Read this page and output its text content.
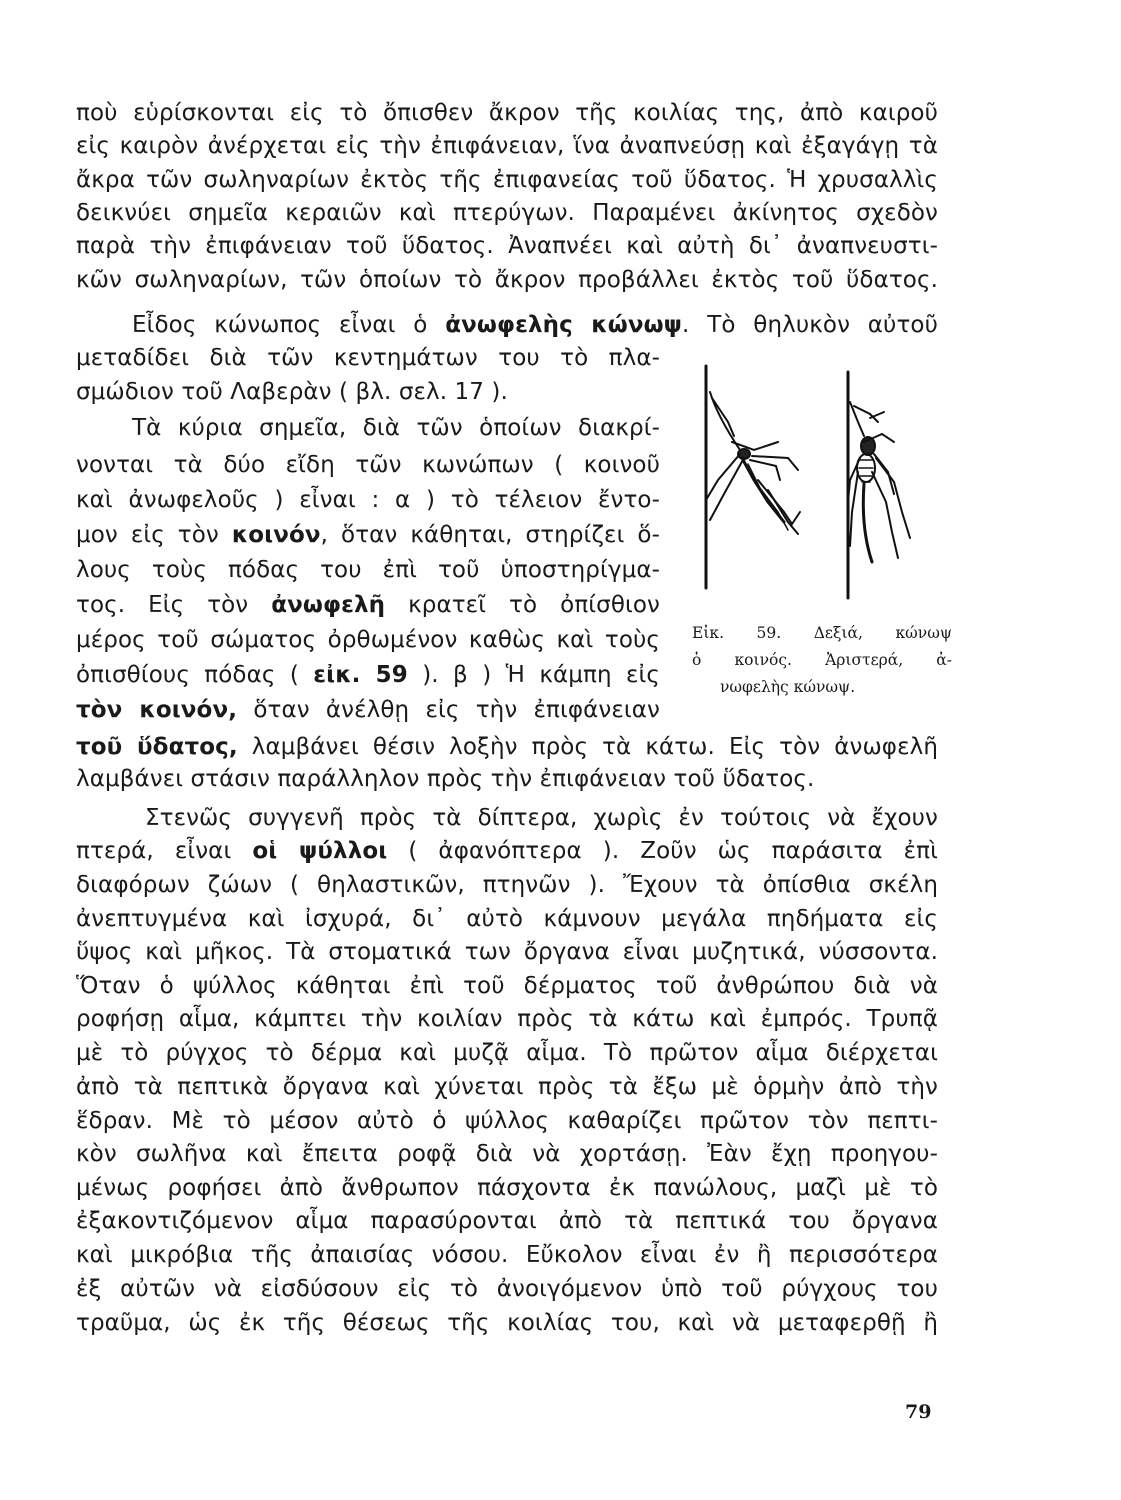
ποὺ εὑρίσκονται εἰς τὸ ὄπισθεν ἄκρον τῆς κοιλίας της, ἀπὸ καιροῦ

εἰς καιρὸν ἀνέρχεται εἰς τὴν ἐπιφάνειαν, ἵνα ἀναπνεύσῃ καὶ ἐξαγάγῃ τὰ

ἄκρα τῶν σωληναρίων ἐκτὸς τῆς ἐπιφανείας τοῦ ὕδατος. Ἡ χρυσαλλὶς

δεικνύει σημεῖα κεραιῶν καὶ πτερύγων. Παραμένει ἀκίνητος σχεδὸν

παρὰ τὴν ἐπιφάνειαν τοῦ ὕδατος. Ἀναπνέει καὶ αὐτὴ δι᾽ ἀναπνευστι-

κῶν σωληναρίων, τῶν ὁποίων τὸ ἄκρον προβάλλει ἐκτὸς τοῦ ὕδατος.

Εἶδος κώνωπος εἶναι ὁ ἀνωφελὴς κώνωψ. Τὸ θηλυκὸν αὐτοῦ

μεταδίδει διὰ τῶν κεντημάτων του τὸ πλα-

σμώδιον τοῦ Λαβερὰν ( βλ. σελ. 17 ).

Τὰ κύρια σημεῖα, διὰ τῶν ὁποίων διακρί-

νονται τὰ δύο εἴδη τῶν κωνώπων ( κοινοῦ

καὶ ἀνωφελοῦς ) εἶναι : α ) τὸ τέλειον ἔντο-

μον εἰς τὸν κοινόν, ὅταν κάθηται, στηρίζει ὅ-

λους τοὺς πόδας του ἐπὶ τοῦ ὑποστηρίγμα-

τος. Εἰς τὸν ἀνωφελῆ κρατεῖ τὸ ὀπίσθιον

μέρος τοῦ σώματος ὀρθωμένον καθὼς καὶ τοὺς

ὀπισθίους πόδας ( εἰκ. 59 ). β ) Ἡ κάμπη εἰς

τὸν κοινόν, ὅταν ἀνέλθῃ εἰς τὴν ἐπιφάνειαν

τοῦ ὕδατος, λαμβάνει θέσιν λοξὴν πρὸς τὰ κάτω. Εἰς τὸν ἀνωφελῆ

λαμβάνει στάσιν παράλληλον πρὸς τὴν ἐπιφάνειαν τοῦ ὕδατος.

Στενῶς συγγενῆ πρὸς τὰ δίπτερα, χωρὶς ἐν τούτοις νὰ ἔχουν

πτερά, εἶναι οἱ ψύλλοι ( ἀφανόπτερα ). Ζοῦν ὡς παράσιτα ἐπὶ

διαφόρων ζώων ( θηλαστικῶν, πτηνῶν ). Ἔχουν τὰ ὀπίσθια σκέλη

ἀνεπτυγμένα καὶ ἰσχυρά, δι᾽ αὐτὸ κάμνουν μεγάλα πηδήματα εἰς

ὕψος καὶ μῆκος. Τὰ στοματικά των ὄργανα εἶναι μυζητικά, νύσσοντα.

Ὅταν ὁ ψύλλος κάθηται ἐπὶ τοῦ δέρματος τοῦ ἀνθρώπου διὰ νὰ

ροφήσῃ αἷμα, κάμπτει τὴν κοιλίαν πρὸς τὰ κάτω καὶ ἐμπρός. Τρυπᾷ

μὲ τὸ ρύγχος τὸ δέρμα καὶ μυζᾷ αἷμα. Τὸ πρῶτον αἷμα διέρχεται

ἀπὸ τὰ πεπτικὰ ὄργανα καὶ χύνεται πρὸς τὰ ἔξω μὲ ὁρμὴν ἀπὸ τὴν

ἕδραν. Μὲ τὸ μέσον αὐτὸ ὁ ψύλλος καθαρίζει πρῶτον τὸν πεπτι-

κὸν σωλῆνα καὶ ἔπειτα ροφᾷ διὰ νὰ χορτάσῃ. Ἐὰν ἔχῃ προηγου-

μένως ροφήσει ἀπὸ ἄνθρωπον πάσχοντα ἐκ πανώλους, μαζὶ μὲ τὸ

ἐξακοντιζόμενον αἷμα παρασύρονται ἀπὸ τὰ πεπτικά του ὄργανα

καὶ μικρόβια τῆς ἀπαισίας νόσου. Εὔκολον εἶναι ἐν ἢ περισσότερα

ἐξ αὐτῶν νὰ εἰσδύσουν εἰς τὸ ἀνοιγόμενον ὑπὸ τοῦ ρύγχους του

τραῦμα, ὡς ἐκ τῆς θέσεως τῆς κοιλίας του, καὶ νὰ μεταφερθῇ ἢ

Εἰκ. 59. Δεξιά, κώνωψ

ὁ κοινός. Ἀριστερά, ἀ-

νωφελὴς κώνωψ.

79
